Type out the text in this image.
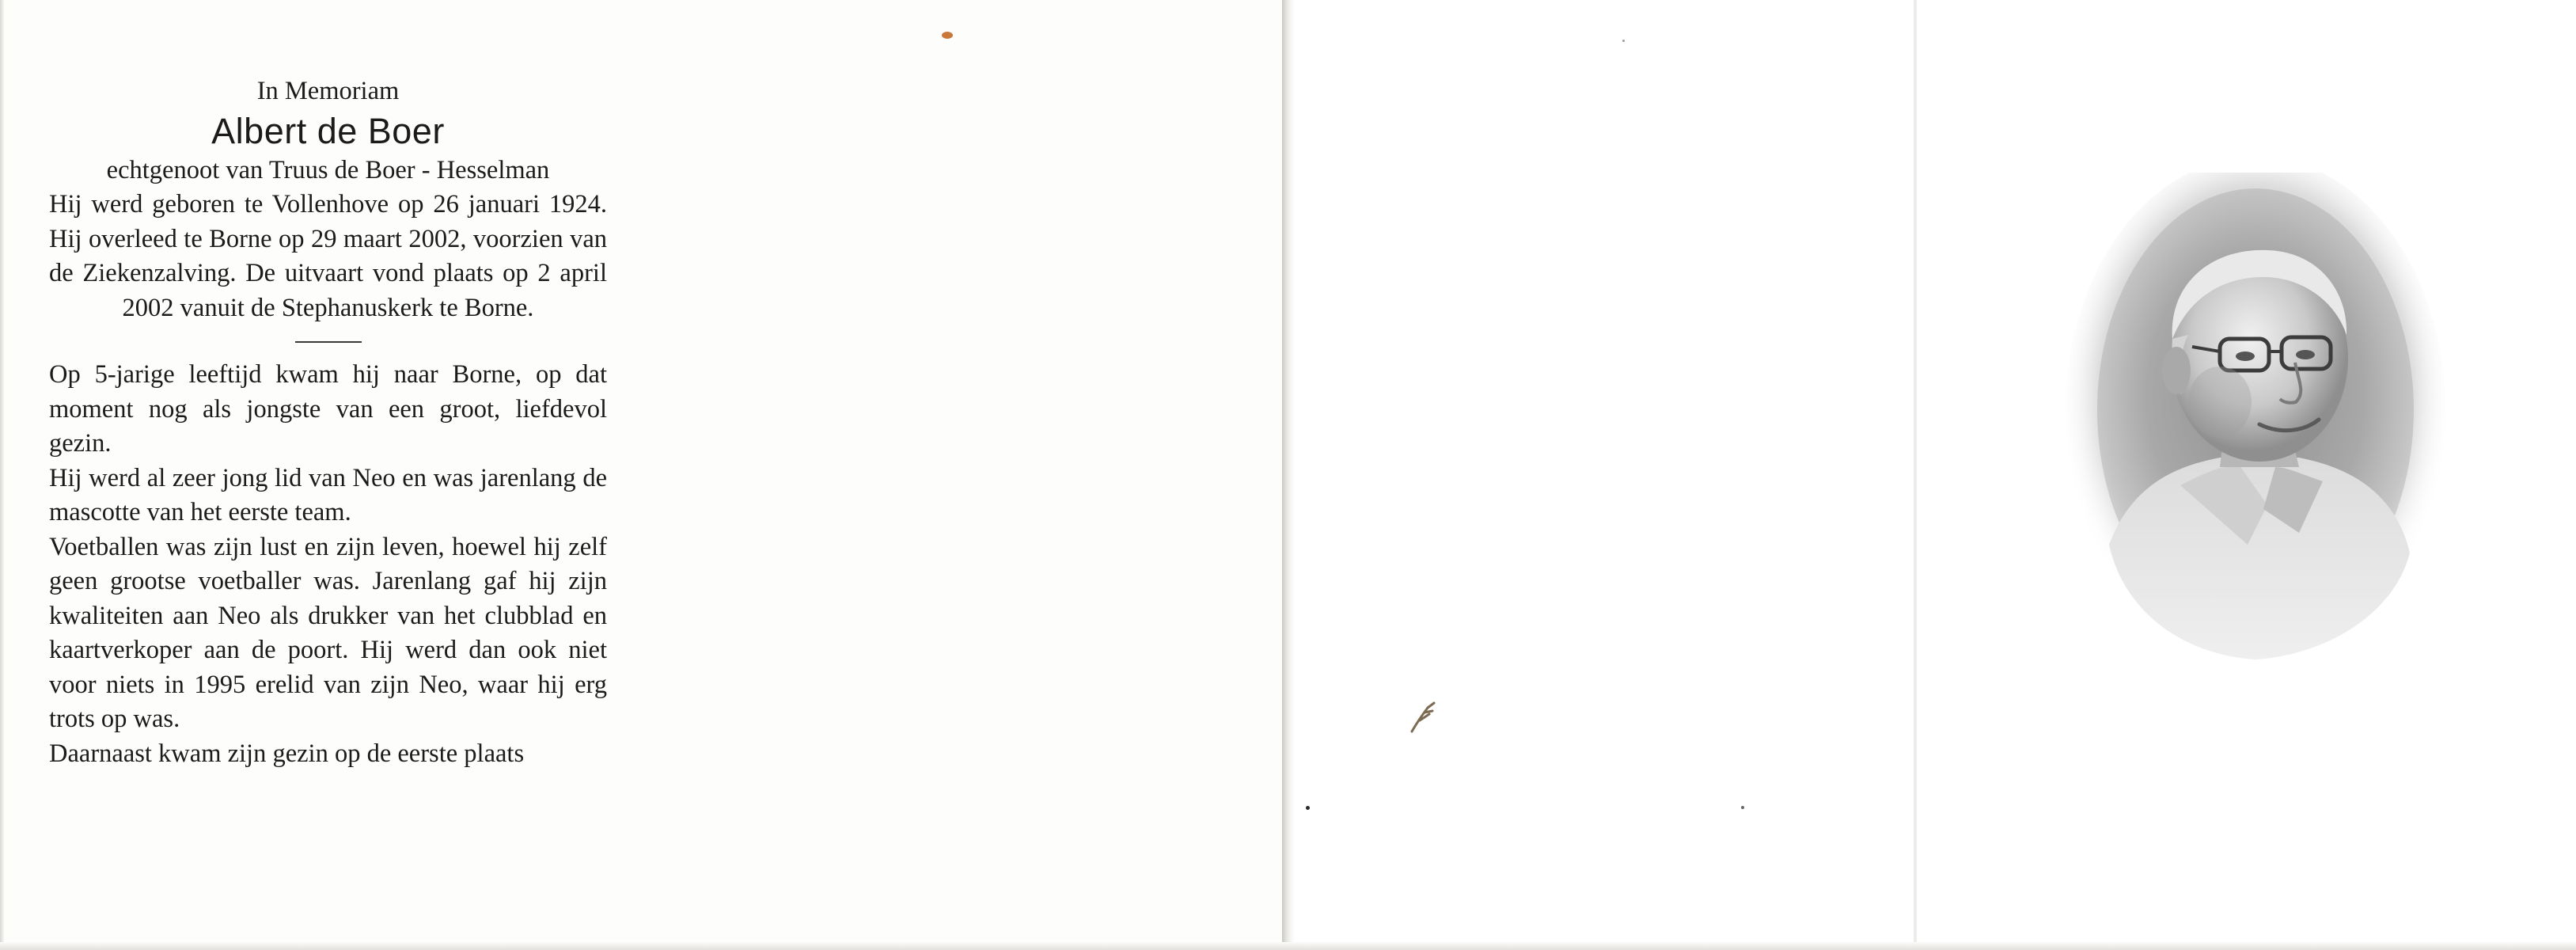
In Memoriam

Albert de Boer

echtgenoot van Truus de Boer - Hesselman

Hij werd geboren te Vollenhove op 26 januari 1924. Hij overleed te Borne op 29 maart 2002, voorzien van de Ziekenzalving. De uitvaart vond plaats op 2 april 2002 vanuit de Stephanuskerk te Borne.

Op 5-jarige leeftijd kwam hij naar Borne, op dat moment nog als jongste van een groot, liefdevol gezin.

Hij werd al zeer jong lid van Neo en was jarenlang de mascotte van het eerste team.

Voetballen was zijn lust en zijn leven, hoewel hij zelf geen grootse voetballer was. Jarenlang gaf hij zijn kwaliteiten aan Neo als drukker van het clubblad en kaartverkoper aan de poort. Hij werd dan ook niet voor niets in 1995 erelid van zijn Neo, waar hij erg trots op was.

Daarnaast kwam zijn gezin op de eerste plaats
